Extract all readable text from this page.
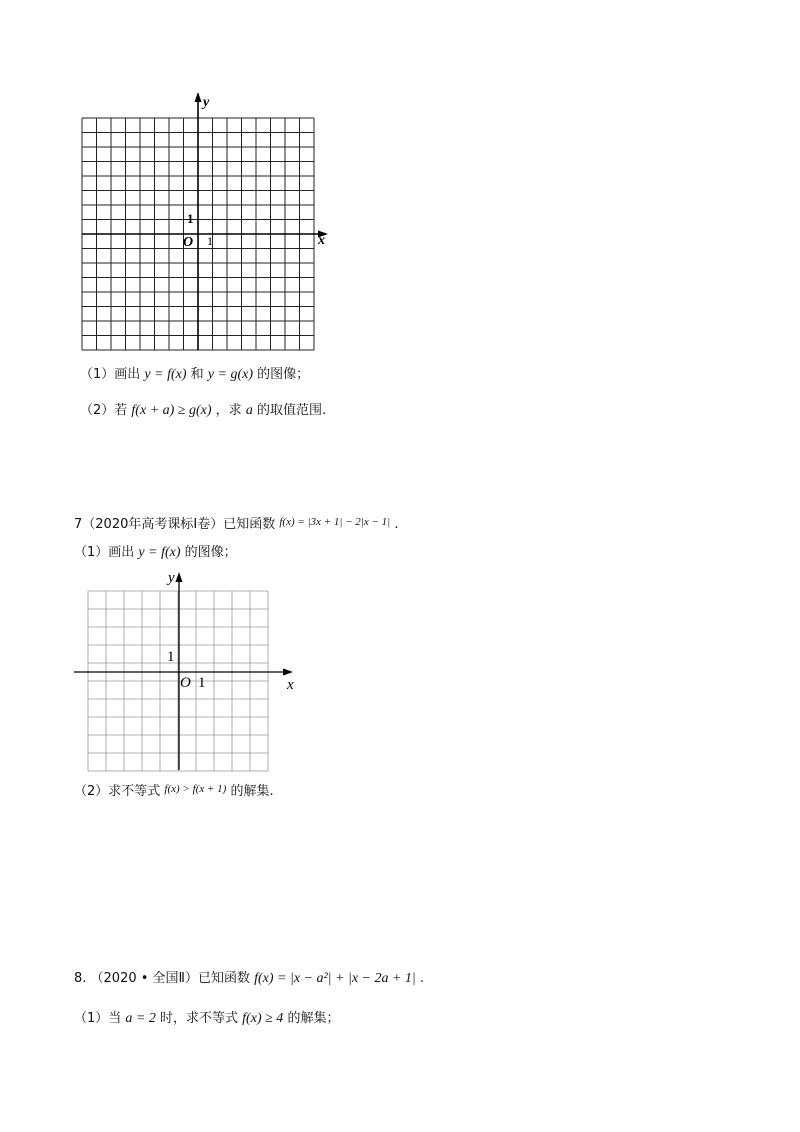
y
x
O 1
1
（1）画出 y = f(x) 和 y = g(x) 的图像；
（2）若 f(x + a) ≥ g(x) ，求 a 的取值范围.
7（2020年高考课标Ⅰ卷）已知函数 $^{f(x) = |3x + 1| - 2|x - 1|}$ .
（1）画出 y = f(x) 的图像；
y
x
O 1
1
（2）求不等式 $^{f(x) > f(x + 1)}$ 的解集.
8. （2020 • 全国Ⅱ）已知函数 f(x) = |x − a²| + |x − 2a + 1| .
（1）当 a = 2 时，求不等式 f(x) ≥ 4 的解集；
